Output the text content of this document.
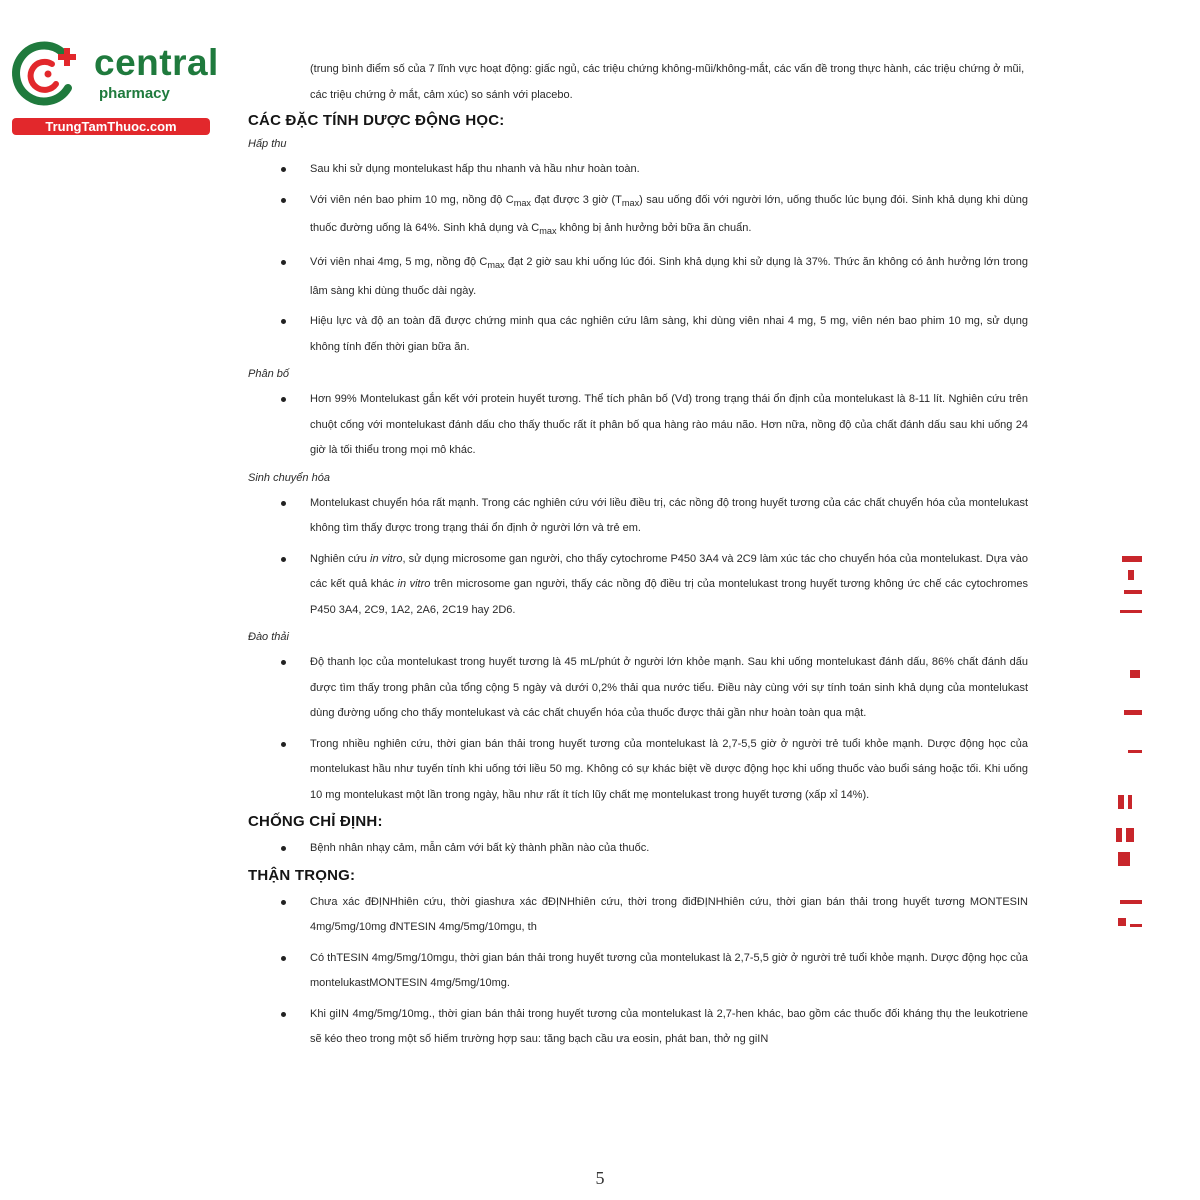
central
pharmacy
TrungTamThuoc.com

(trung bình điểm số của 7 lĩnh vực hoạt động: giấc ngủ, các triệu chứng không-mũi/không-mắt, các vấn đề trong thực hành, các triệu chứng ở mũi, các triệu chứng ở mắt, cảm xúc) so sánh với placebo.

CÁC ĐẶC TÍNH DƯỢC ĐỘNG HỌC:
Hấp thu
Sau khi sử dụng montelukast hấp thu nhanh và hầu như hoàn toàn.
Với viên nén bao phim 10 mg, nồng độ $C_{max}$ đạt được 3 giờ $(T_{max})$ sau uống đối với người lớn, uống thuốc lúc bụng đói. Sinh khả dụng khi dùng thuốc đường uống là 64%. Sinh khả dụng và $C_{max}$ không bị ảnh hưởng bởi bữa ăn chuẩn.
Với viên nhai 4mg, 5 mg, nồng độ $C_{max}$ đạt 2 giờ sau khi uống lúc đói. Sinh khả dụng khi sử dụng là 37%. Thức ăn không có ảnh hưởng lớn trong lâm sàng khi dùng thuốc dài ngày.
Hiệu lực và độ an toàn đã được chứng minh qua các nghiên cứu lâm sàng, khi dùng viên nhai 4 mg, 5 mg, viên nén bao phim 10 mg, sử dụng không tính đến thời gian bữa ăn.
Phân bố
Hơn 99% Montelukast gắn kết với protein huyết tương. Thể tích phân bố (Vd) trong trạng thái ổn định của montelukast là 8-11 lít. Nghiên cứu trên chuột cống với montelukast đánh dấu cho thấy thuốc rất ít phân bố qua hàng rào máu não. Hơn nữa, nồng độ của chất đánh dấu sau khi uống 24 giờ là tối thiểu trong mọi mô khác.
Sinh chuyển hóa
Montelukast chuyển hóa rất mạnh. Trong các nghiên cứu với liều điều trị, các nồng độ trong huyết tương của các chất chuyển hóa của montelukast không tìm thấy được trong trạng thái ổn định ở người lớn và trẻ em.
Nghiên cứu in vitro, sử dụng microsome gan người, cho thấy cytochrome P450 3A4 và 2C9 làm xúc tác cho chuyển hóa của montelukast. Dựa vào các kết quả khác in vitro trên microsome gan người, thấy các nồng độ điều trị của montelukast trong huyết tương không ức chế các cytochromes P450 3A4, 2C9, 1A2, 2A6, 2C19 hay 2D6.
Đào thải
Độ thanh lọc của montelukast trong huyết tương là 45 mL/phút ở người lớn khỏe mạnh. Sau khi uống montelukast đánh dấu, 86% chất đánh dấu được tìm thấy trong phân của tổng cộng 5 ngày và dưới 0,2% thải qua nước tiểu. Điều này cùng với sự tính toán sinh khả dụng của montelukast dùng đường uống cho thấy montelukast và các chất chuyển hóa của thuốc được thải gần như hoàn toàn qua mật.
Trong nhiều nghiên cứu, thời gian bán thải trong huyết tương của montelukast là 2,7-5,5 giờ ở người trẻ tuổi khỏe mạnh. Dược động học của montelukast hầu như tuyến tính khi uống tới liều 50 mg. Không có sự khác biệt về dược động học khi uống thuốc vào buổi sáng hoặc tối. Khi uống 10 mg montelukast một lần trong ngày, hầu như rất ít tích lũy chất mẹ montelukast trong huyết tương (xấp xỉ 14%).
CHỐNG CHỈ ĐỊNH:
Bệnh nhân nhạy cảm, mẫn cảm với bất kỳ thành phần nào của thuốc.
THẬN TRỌNG:
Chưa xác đĐỊNHhiên cứu, thời giashưa xác đĐỊNHhiên cứu, thời trong điđĐỊNHhiên cứu, thời gian bán thải trong huyết tương MONTESIN 4mg/5mg/10mg đNTESIN 4mg/5mg/10mgu, th
Có thTESIN 4mg/5mg/10mgu, thời gian bán thải trong huyết tương của montelukast là 2,7-5,5 giờ ở người trẻ tuổi khỏe mạnh. Dược động học của montelukastMONTESIN 4mg/5mg/10mg.
Khi giIN 4mg/5mg/10mg., thời gian bán thải trong huyết tương của montelukast là 2,7-hen khác, bao gồm các thuốc đối kháng thụ the leukotriene sẽ kéo theo trong một số hiếm trường hợp sau: tăng bạch cầu ưa eosin, phát ban, thở ng giIN
5
